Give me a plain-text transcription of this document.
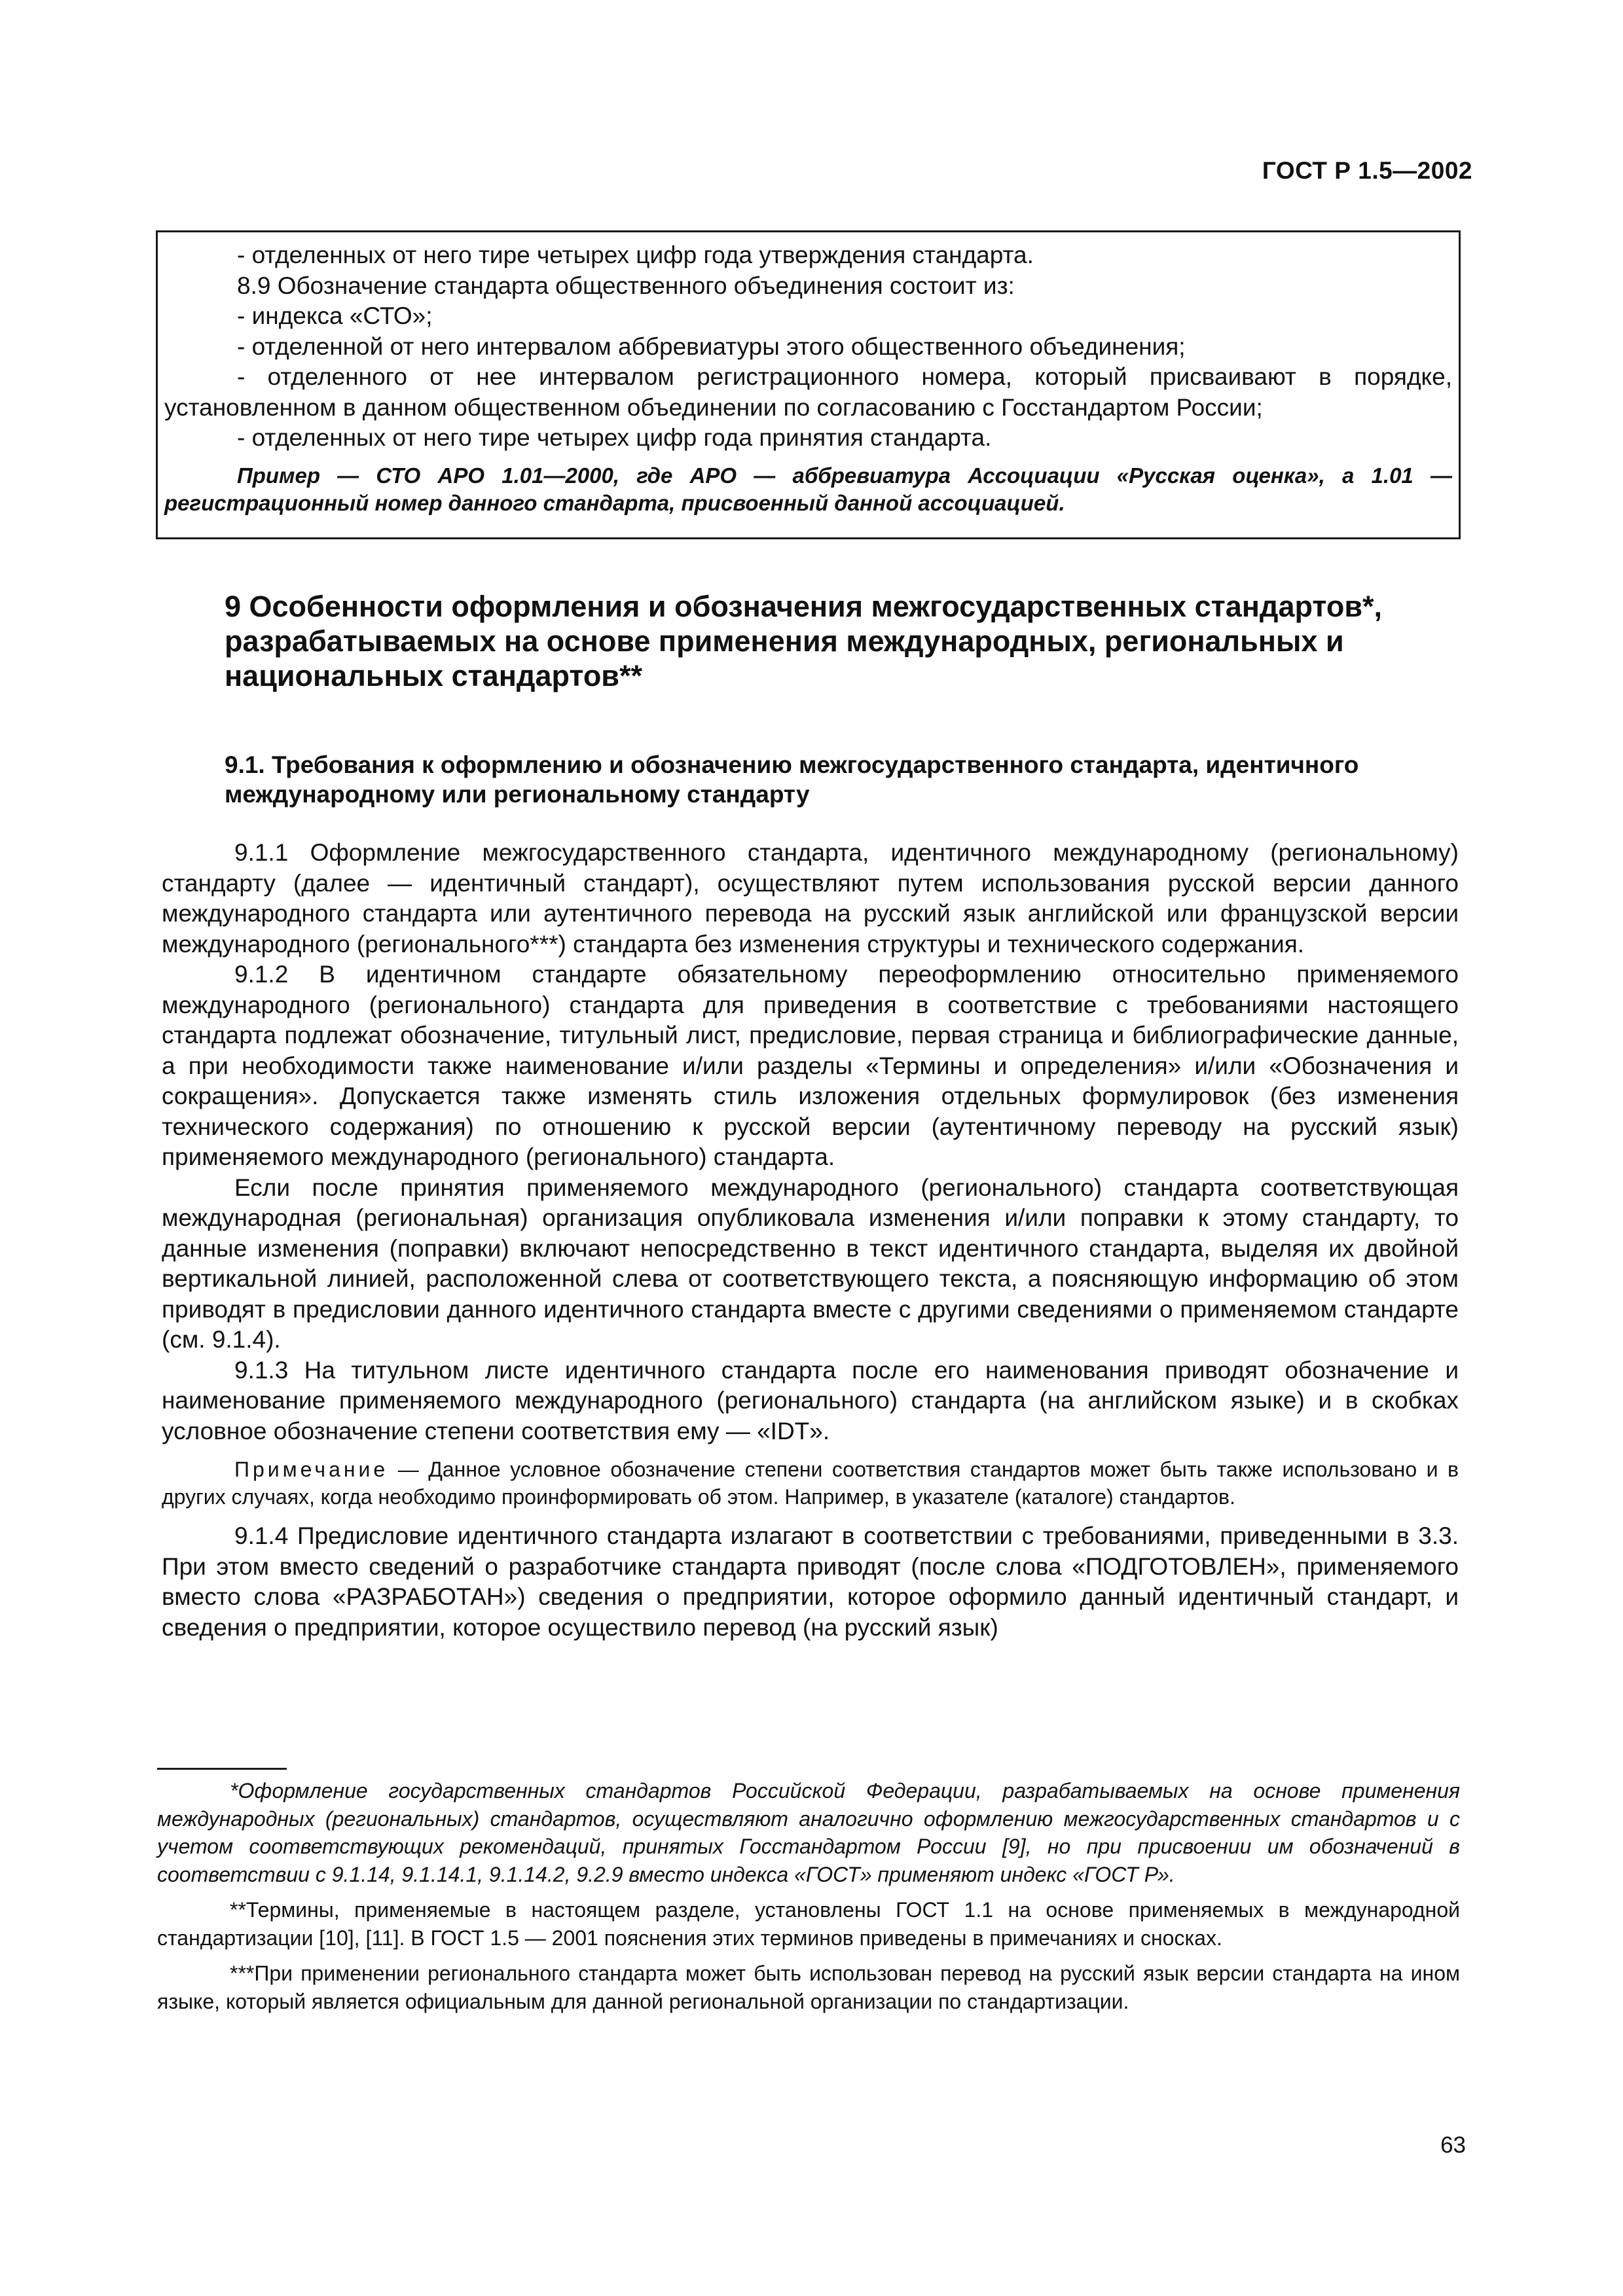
ГОСТ Р 1.5—2002

- отделенных от него тире четырех цифр года утверждения стандарта.

8.9 Обозначение стандарта общественного объединения состоит из:

- индекса «СТО»;

- отделенной от него интервалом аббревиатуры этого общественного объединения;

- отделенного от нее интервалом регистрационного номера, который присваивают в порядке, установленном в данном общественном объединении по согласованию с Госстандартом России;

- отделенных от него тире четырех цифр года принятия стандарта.

Пример — СТО АРО 1.01—2000, где АРО — аббревиатура Ассоциации «Русская оценка», а 1.01 — регистрационный номер данного стандарта, присвоенный данной ассоциацией.

9 Особенности оформления и обозначения межгосударственных стандартов*, разрабатываемых на основе применения международных, региональных и национальных стандартов**
9.1. Требования к оформлению и обозначению межгосударственного стандарта, идентичного международному или региональному стандарту

9.1.1 Оформление межгосударственного стандарта, идентичного международному (региональному) стандарту (далее — идентичный стандарт), осуществляют путем использования русской версии данного международного стандарта или аутентичного перевода на русский язык английской или французской версии международного (регионального***) стандарта без изменения структуры и технического содержания.

9.1.2 В идентичном стандарте обязательному переоформлению относительно применяемого международного (регионального) стандарта для приведения в соответствие с требованиями настоящего стандарта подлежат обозначение, титульный лист, предисловие, первая страница и библиографические данные, а при необходимости также наименование и/или разделы «Термины и определения» и/или «Обозначения и сокращения». Допускается также изменять стиль изложения отдельных формулировок (без изменения технического содержания) по отношению к русской версии (аутентичному переводу на русский язык) применяемого международного (регионального) стандарта.

Если после принятия применяемого международного (регионального) стандарта соответствующая международная (региональная) организация опубликовала изменения и/или поправки к этому стандарту, то данные изменения (поправки) включают непосредственно в текст идентичного стандарта, выделяя их двойной вертикальной линией, расположенной слева от соответствующего текста, а поясняющую информацию об этом приводят в предисловии данного идентичного стандарта вместе с другими сведениями о применяемом стандарте (см. 9.1.4).

9.1.3 На титульном листе идентичного стандарта после его наименования приводят обозначение и наименование применяемого международного (регионального) стандарта (на английском языке) и в скобках условное обозначение степени соответствия ему — «IDT».

Примечание — Данное условное обозначение степени соответствия стандартов может быть также использовано и в других случаях, когда необходимо проинформировать об этом. Например, в указателе (каталоге) стандартов.

9.1.4 Предисловие идентичного стандарта излагают в соответствии с требованиями, приведенными в 3.3. При этом вместо сведений о разработчике стандарта приводят (после слова «ПОДГОТОВЛЕН», применяемого вместо слова «РАЗРАБОТАН») сведения о предприятии, которое оформило данный идентичный стандарт, и сведения о предприятии, которое осуществило перевод (на русский язык)

*Оформление государственных стандартов Российской Федерации, разрабатываемых на основе применения международных (региональных) стандартов, осуществляют аналогично оформлению межгосударственных стандартов и с учетом соответствующих рекомендаций, принятых Госстандартом России [9], но при присвоении им обозначений в соответствии с 9.1.14, 9.1.14.1, 9.1.14.2, 9.2.9 вместо индекса «ГОСТ» применяют индекс «ГОСТ Р».

**Термины, применяемые в настоящем разделе, установлены ГОСТ 1.1 на основе применяемых в международной стандартизации [10], [11]. В ГОСТ 1.5 — 2001 пояснения этих терминов приведены в примечаниях и сносках.

***При применении регионального стандарта может быть использован перевод на русский язык версии стандарта на ином языке, который является официальным для данной региональной организации по стандартизации.

63
